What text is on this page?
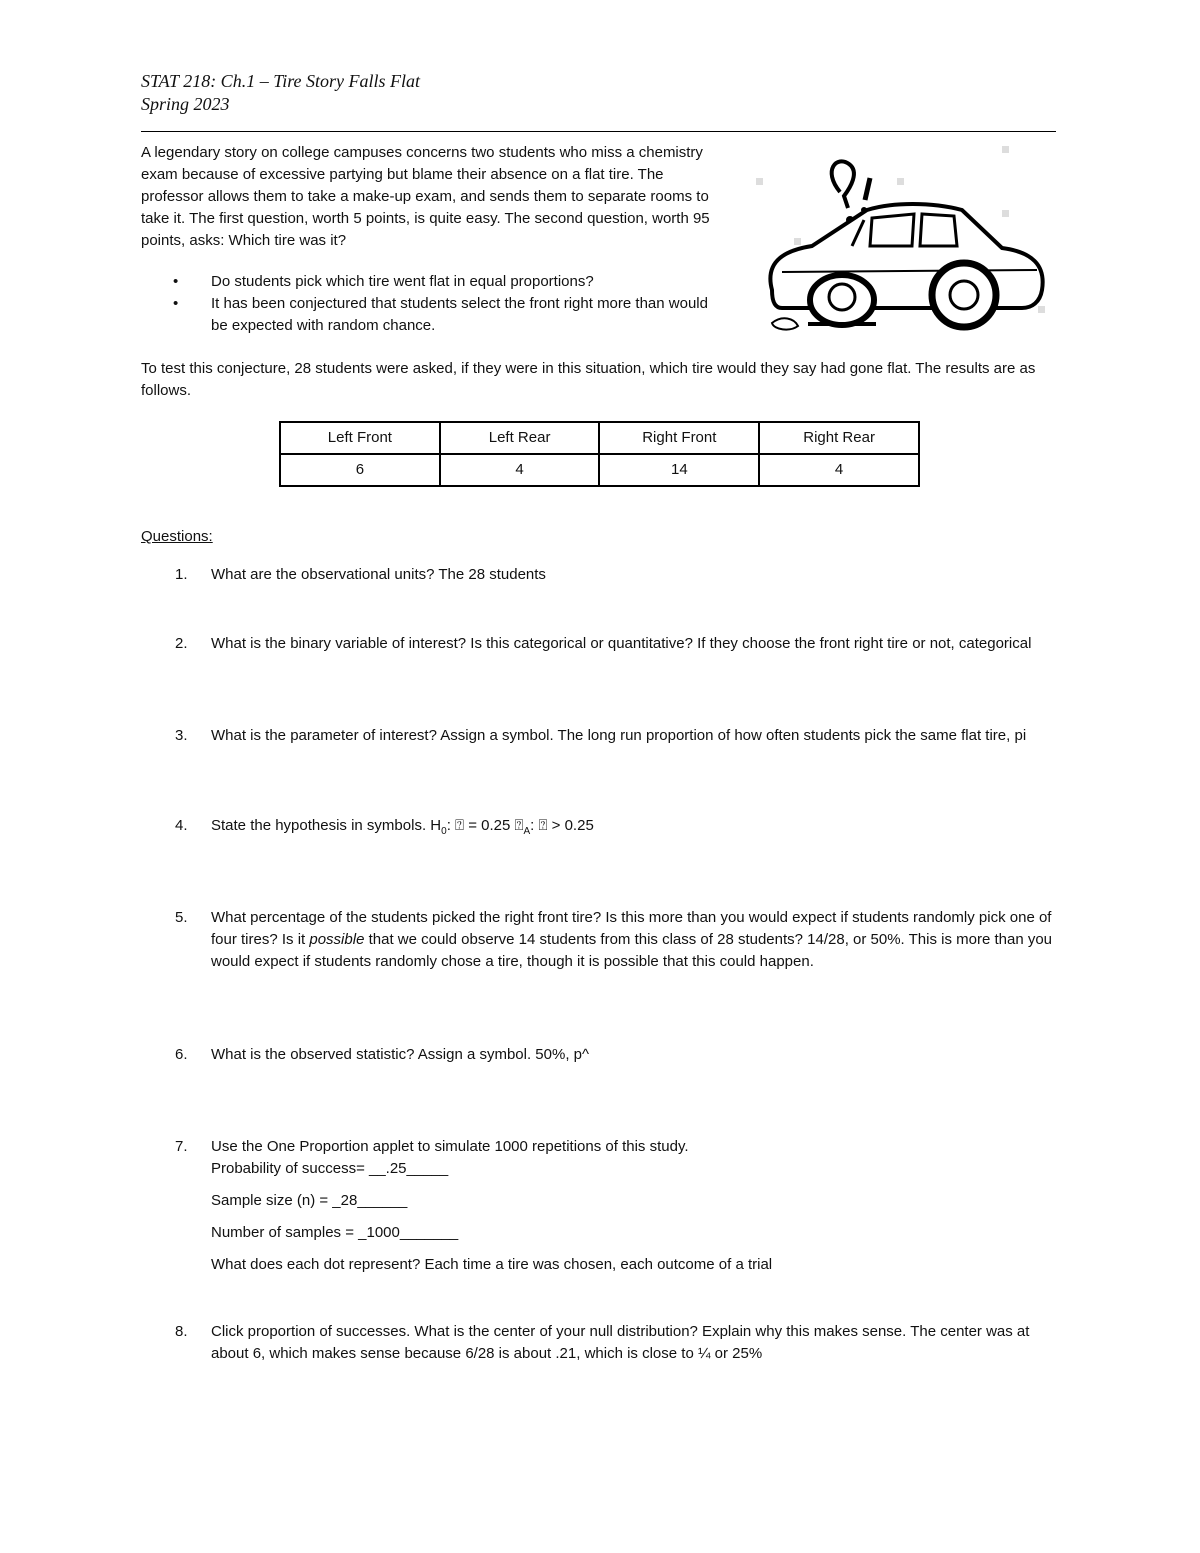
STAT 218: Ch.1 – Tire Story Falls Flat
Spring 2023

A legendary story on college campuses concerns two students who miss a chemistry exam because of excessive partying but blame their absence on a flat tire. The professor allows them to take a make-up exam, and sends them to separate rooms to take it. The first question, worth 5 points, is quite easy. The second question, worth 95 points, asks: Which tire was it?

• Do students pick which tire went flat in equal proportions?
• It has been conjectured that students select the front right more than would be expected with random chance.

To test this conjecture, 28 students were asked, if they were in this situation, which tire would they say had gone flat. The results are as follows.

Left Front	Left Rear	Right Front	Right Rear
6	4	14	4
Questions:
1. What are the observational units? The 28 students

2. What is the binary variable of interest? Is this categorical or quantitative? If they choose the front right tire or not, categorical

3. What is the parameter of interest? Assign a symbol. The long run proportion of how often students pick the same flat tire, pi

4. State the hypothesis in symbols. $H_0$: ⍰ = 0.25 $⍰_A$: ⍰ > 0.25

5. What percentage of the students picked the right front tire? Is this more than you would expect if students randomly pick one of four tires? Is it possible that we could observe 14 students from this class of 28 students? 14/28, or 50%. This is more than you would expect if students randomly chose a tire, though it is possible that this could happen.

6. What is the observed statistic? Assign a symbol. 50%, p^

7. Use the One Proportion applet to simulate 1000 repetitions of this study.

Probability of success= __.25_____

Sample size (n) = _28______

Number of samples = _1000_______

What does each dot represent? Each time a tire was chosen, each outcome of a trial

8. Click proportion of successes. What is the center of your null distribution? Explain why this makes sense. The center was at about 6, which makes sense because 6/28 is about .21, which is close to ¼ or 25%
